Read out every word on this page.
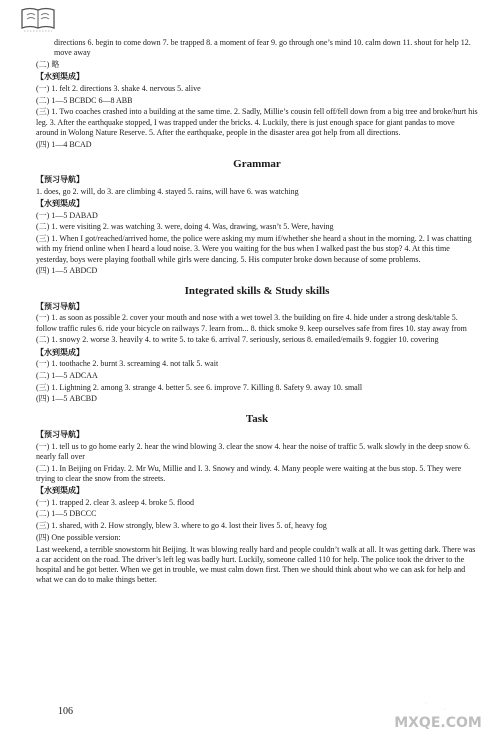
directions 6. begin to come down 7. be trapped 8. a moment of fear 9. go through one’s mind 10. calm down 11. shout for help 12. move away

(二) 略

【水到渠成】

(一) 1. felt 2. directions 3. shake 4. nervous 5. alive

(二) 1—5 BCBDC 6—8 ABB

(三) 1. Two coaches crashed into a building at the same time. 2. Sadly, Millie’s cousin fell off/fell down from a big tree and broke/hurt his leg. 3. After the earthquake stopped, I was trapped under the bricks. 4. Luckily, there is just enough space for giant pandas to move around in Wolong Nature Reserve. 5. After the earthquake, people in the disaster area got help from all directions.

(四) 1—4 BCAD

Grammar

【预习导航】

1. does, go 2. will, do 3. are climbing 4. stayed 5. rains, will have 6. was watching

【水到渠成】

(一) 1—5 DABAD

(二) 1. were visiting 2. was watching 3. were, doing 4. Was, drawing, wasn’t 5. Were, having

(三) 1. When I got/reached/arrived home, the police were asking my mum if/whether she heard a shout in the morning. 2. I was chatting with my friend online when I heard a loud noise. 3. Were you waiting for the bus when I walked past the bus stop? 4. At this time yesterday, boys were playing football while girls were dancing. 5. His computer broke down because of some problems.

(四) 1—5 ABDCD

Integrated skills & Study skills

【预习导航】

(一) 1. as soon as possible 2. cover your mouth and nose with a wet towel 3. the building on fire 4. hide under a strong desk/table 5. follow traffic rules 6. ride your bicycle on railways 7. learn from... 8. thick smoke 9. keep ourselves safe from fires 10. stay away from

(二) 1. snowy 2. worse 3. heavily 4. to write 5. to take 6. arrival 7. seriously, serious 8. emailed/emails 9. foggier 10. covering

【水到渠成】

(一) 1. toothache 2. burnt 3. screaming 4. not talk 5. wait

(二) 1—5 ADCAA

(三) 1. Lightning 2. among 3. strange 4. better 5. see 6. improve 7. Killing 8. Safety 9. away 10. small

(四) 1—5 ABCBD

Task

【预习导航】

(一) 1. tell us to go home early 2. hear the wind blowing 3. clear the snow 4. hear the noise of traffic 5. walk slowly in the deep snow 6. nearly fall over

(二) 1. In Beijing on Friday. 2. Mr Wu, Millie and I. 3. Snowy and windy. 4. Many people were waiting at the bus stop. 5. They were trying to clear the snow from the streets.

【水到渠成】

(一) 1. trapped 2. clear 3. asleep 4. broke 5. flood

(二) 1—5 DBCCC

(三) 1. shared, with 2. How strongly, blew 3. where to go 4. lost their lives 5. of, heavy fog

(四) One possible version:

Last weekend, a terrible snowstorm hit Beijing. It was blowing really hard and people couldn’t walk at all. It was getting dark. There was a car accident on the road. The driver’s left leg was badly hurt. Luckily, someone called 110 for help. The police took the driver to the hospital and he got better. When we get in trouble, we must calm down first. Then we should think about who we can ask for help and what we can do to make things better.

106	答案圈
MXQE.COM
